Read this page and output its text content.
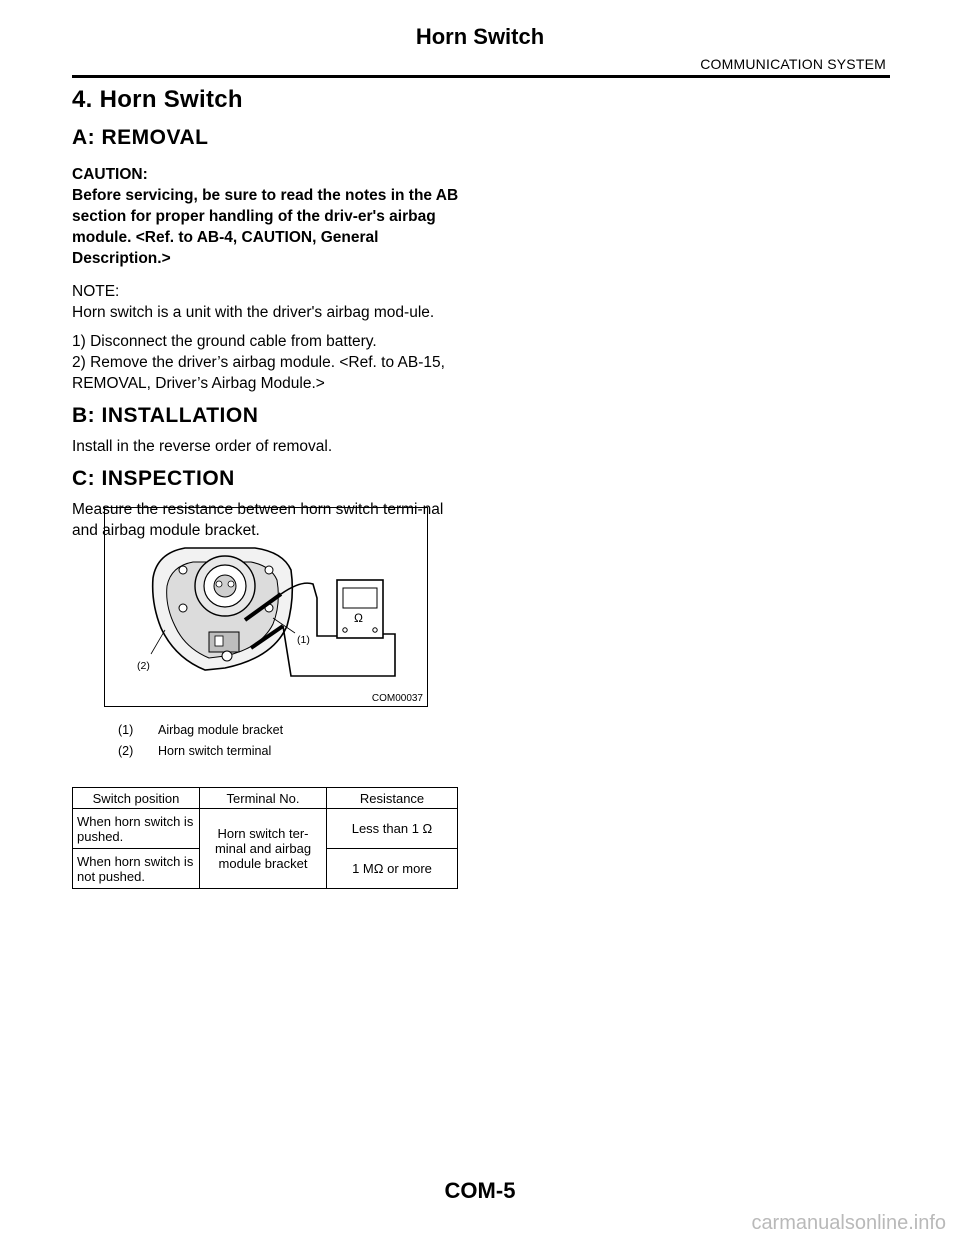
Horn Switch
COMMUNICATION SYSTEM
4. Horn Switch
A: REMOVAL
CAUTION:
Before servicing, be sure to read the notes in the AB section for proper handling of the driv-er's airbag module. <Ref. to AB-4, CAUTION, General Description.>

NOTE:

Horn switch is a unit with the driver's airbag mod-ule.

1) Disconnect the ground cable from battery.

2) Remove the driver’s airbag module. <Ref. to AB-15, REMOVAL, Driver’s Airbag Module.>

B: INSTALLATION

Install in the reverse order of removal.

C: INSPECTION

Measure the resistance between horn switch termi-nal and airbag module bracket.

Ω
(1)
(2)
COM00037
(1) Airbag module bracket
(2) Horn switch terminal
Switch position	Terminal No.	Resistance
When horn switch is pushed.	Horn switch ter-minal and airbag module bracket	Less than 1 Ω
When horn switch is not pushed.		1 MΩ or more
COM-5
carmanualsonline.info
